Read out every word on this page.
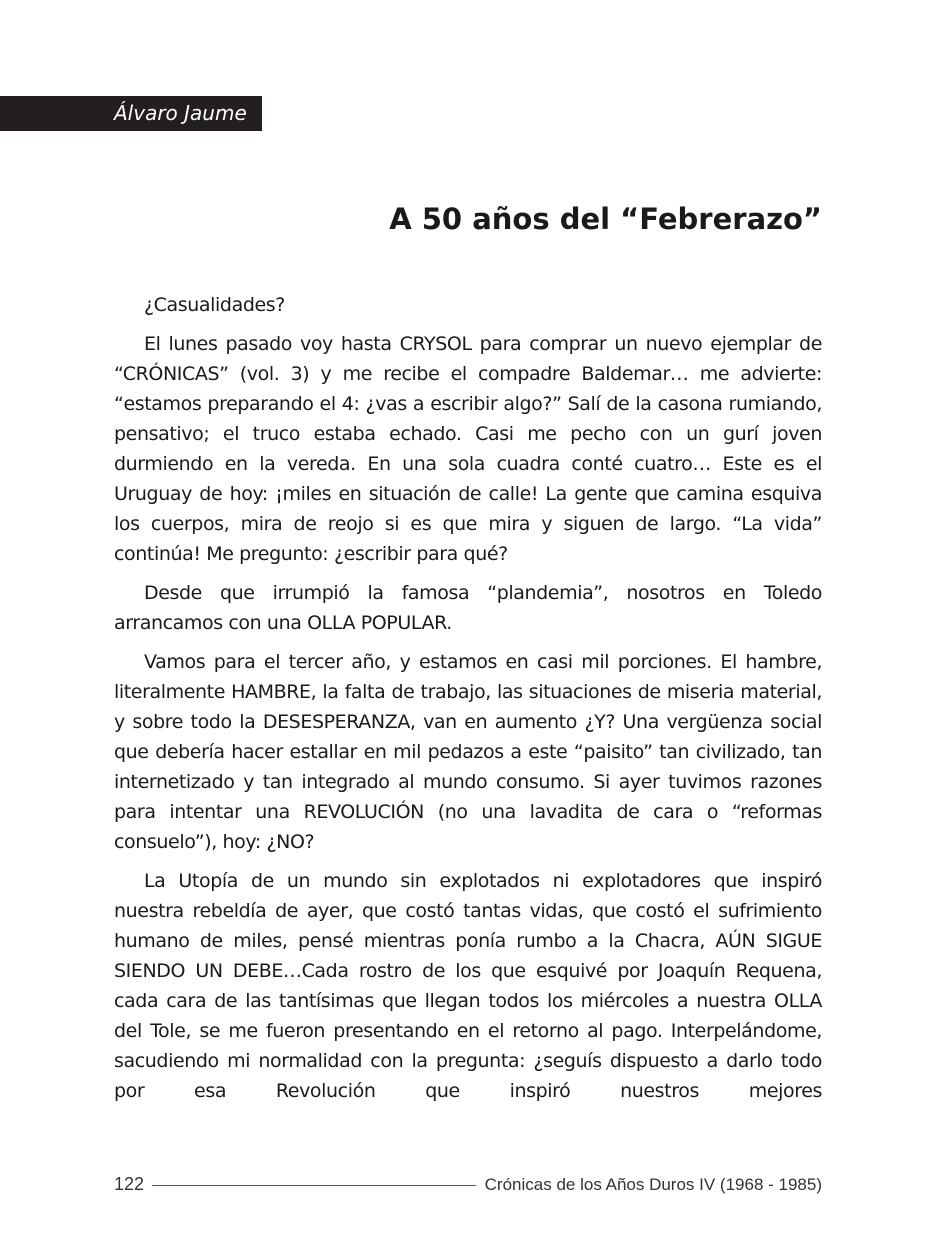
Álvaro Jaume
A 50 años del “Febrerazo”

¿Casualidades?

El lunes pasado voy hasta CRYSOL para comprar un nuevo ejemplar de “CRÓNICAS” (vol. 3) y me recibe el compadre Baldemar… me advierte: “estamos preparando el 4: ¿vas a escribir algo?” Salí de la casona rumiando, pensativo; el truco estaba echado. Casi me pecho con un gurí joven durmiendo en la vereda. En una sola cuadra conté cuatro… Este es el Uruguay de hoy: ¡miles en situación de calle! La gente que camina esquiva los cuerpos, mira de reojo si es que mira y siguen de largo. “La vida” continúa! Me pregunto: ¿escribir para qué?

Desde que irrumpió la famosa “plandemia”, nosotros en Toledo arrancamos con una OLLA POPULAR.

Vamos para el tercer año, y estamos en casi mil porciones. El hambre, literalmente HAMBRE, la falta de trabajo, las situaciones de miseria material, y sobre todo la DESESPERANZA, van en aumento ¿Y? Una vergüenza social que debería hacer estallar en mil pedazos a este “paisito” tan civilizado, tan internetizado y tan integrado al mundo consumo. Si ayer tuvimos razones para intentar una REVOLUCIÓN (no una lavadita de cara o “reformas consuelo”), hoy: ¿NO?

La Utopía de un mundo sin explotados ni explotadores que inspiró nuestra rebeldía de ayer, que costó tantas vidas, que costó el sufrimiento humano de miles, pensé mientras ponía rumbo a la Chacra, AÚN SIGUE SIENDO UN DEBE…Cada rostro de los que esquivé por Joaquín Requena, cada cara de las tantísimas que llegan todos los miércoles a nuestra OLLA del Tole, se me fueron presentando en el retorno al pago. Interpelándome, sacudiendo mi normalidad con la pregunta: ¿seguís dispuesto a darlo todo por esa Revolución que inspiró nuestros mejores

122	Crónicas de los Años Duros IV (1968 - 1985)
